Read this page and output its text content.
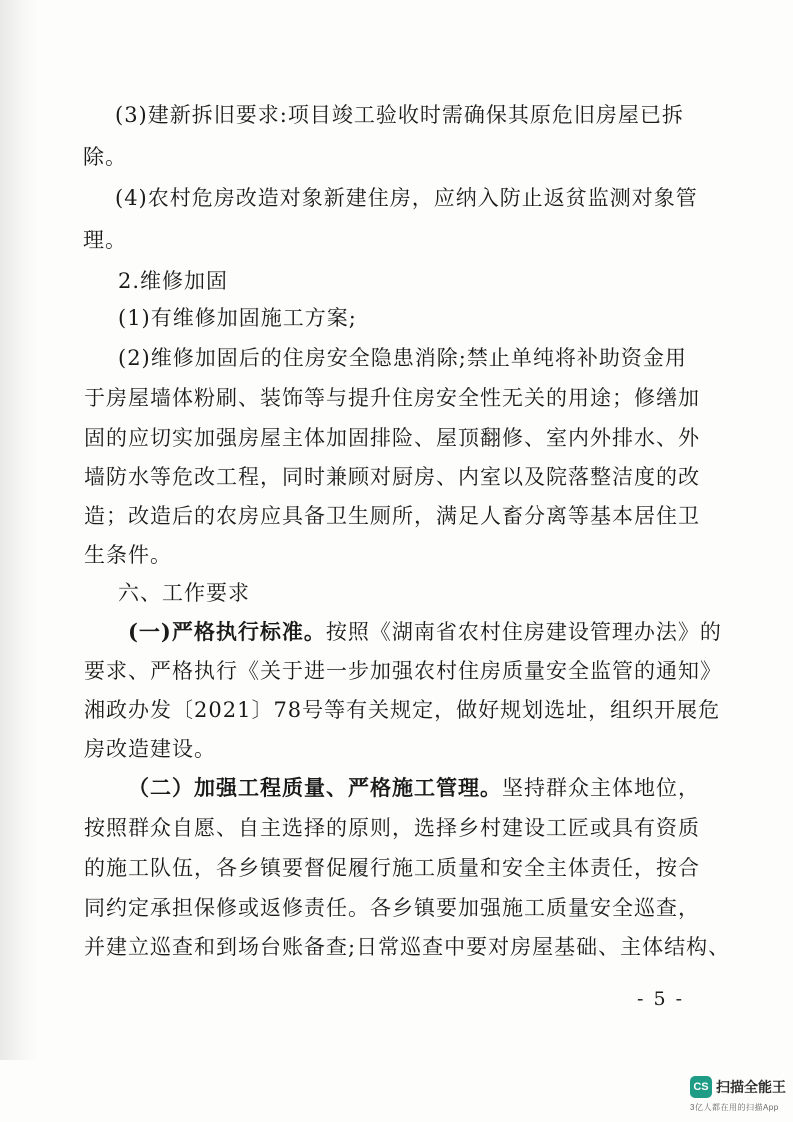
(3)建新拆旧要求:项目竣工验收时需确保其原危旧房屋已拆
除。
(4)农村危房改造对象新建住房，应纳入防止返贫监测对象管
理。
2.维修加固
(1)有维修加固施工方案;
(2)维修加固后的住房安全隐患消除;禁止单纯将补助资金用
于房屋墙体粉刷、装饰等与提升住房安全性无关的用途；修缮加
固的应切实加强房屋主体加固排险、屋顶翻修、室内外排水、外
墙防水等危改工程，同时兼顾对厨房、内室以及院落整洁度的改
造；改造后的农房应具备卫生厕所，满足人畜分离等基本居住卫
生条件。
六、工作要求
(一)严格执行标准。按照《湖南省农村住房建设管理办法》的
要求、严格执行《关于进一步加强农村住房质量安全监管的通知》
湘政办发〔2021〕78号等有关规定，做好规划选址，组织开展危
房改造建设。
（二）加强工程质量、严格施工管理。坚持群众主体地位，
按照群众自愿、自主选择的原则，选择乡村建设工匠或具有资质
的施工队伍，各乡镇要督促履行施工质量和安全主体责任，按合
同约定承担保修或返修责任。各乡镇要加强施工质量安全巡查，
并建立巡查和到场台账备查;日常巡查中要对房屋基础、主体结构、
- 5 -
CS 扫描全能王
3亿人都在用的扫描App
